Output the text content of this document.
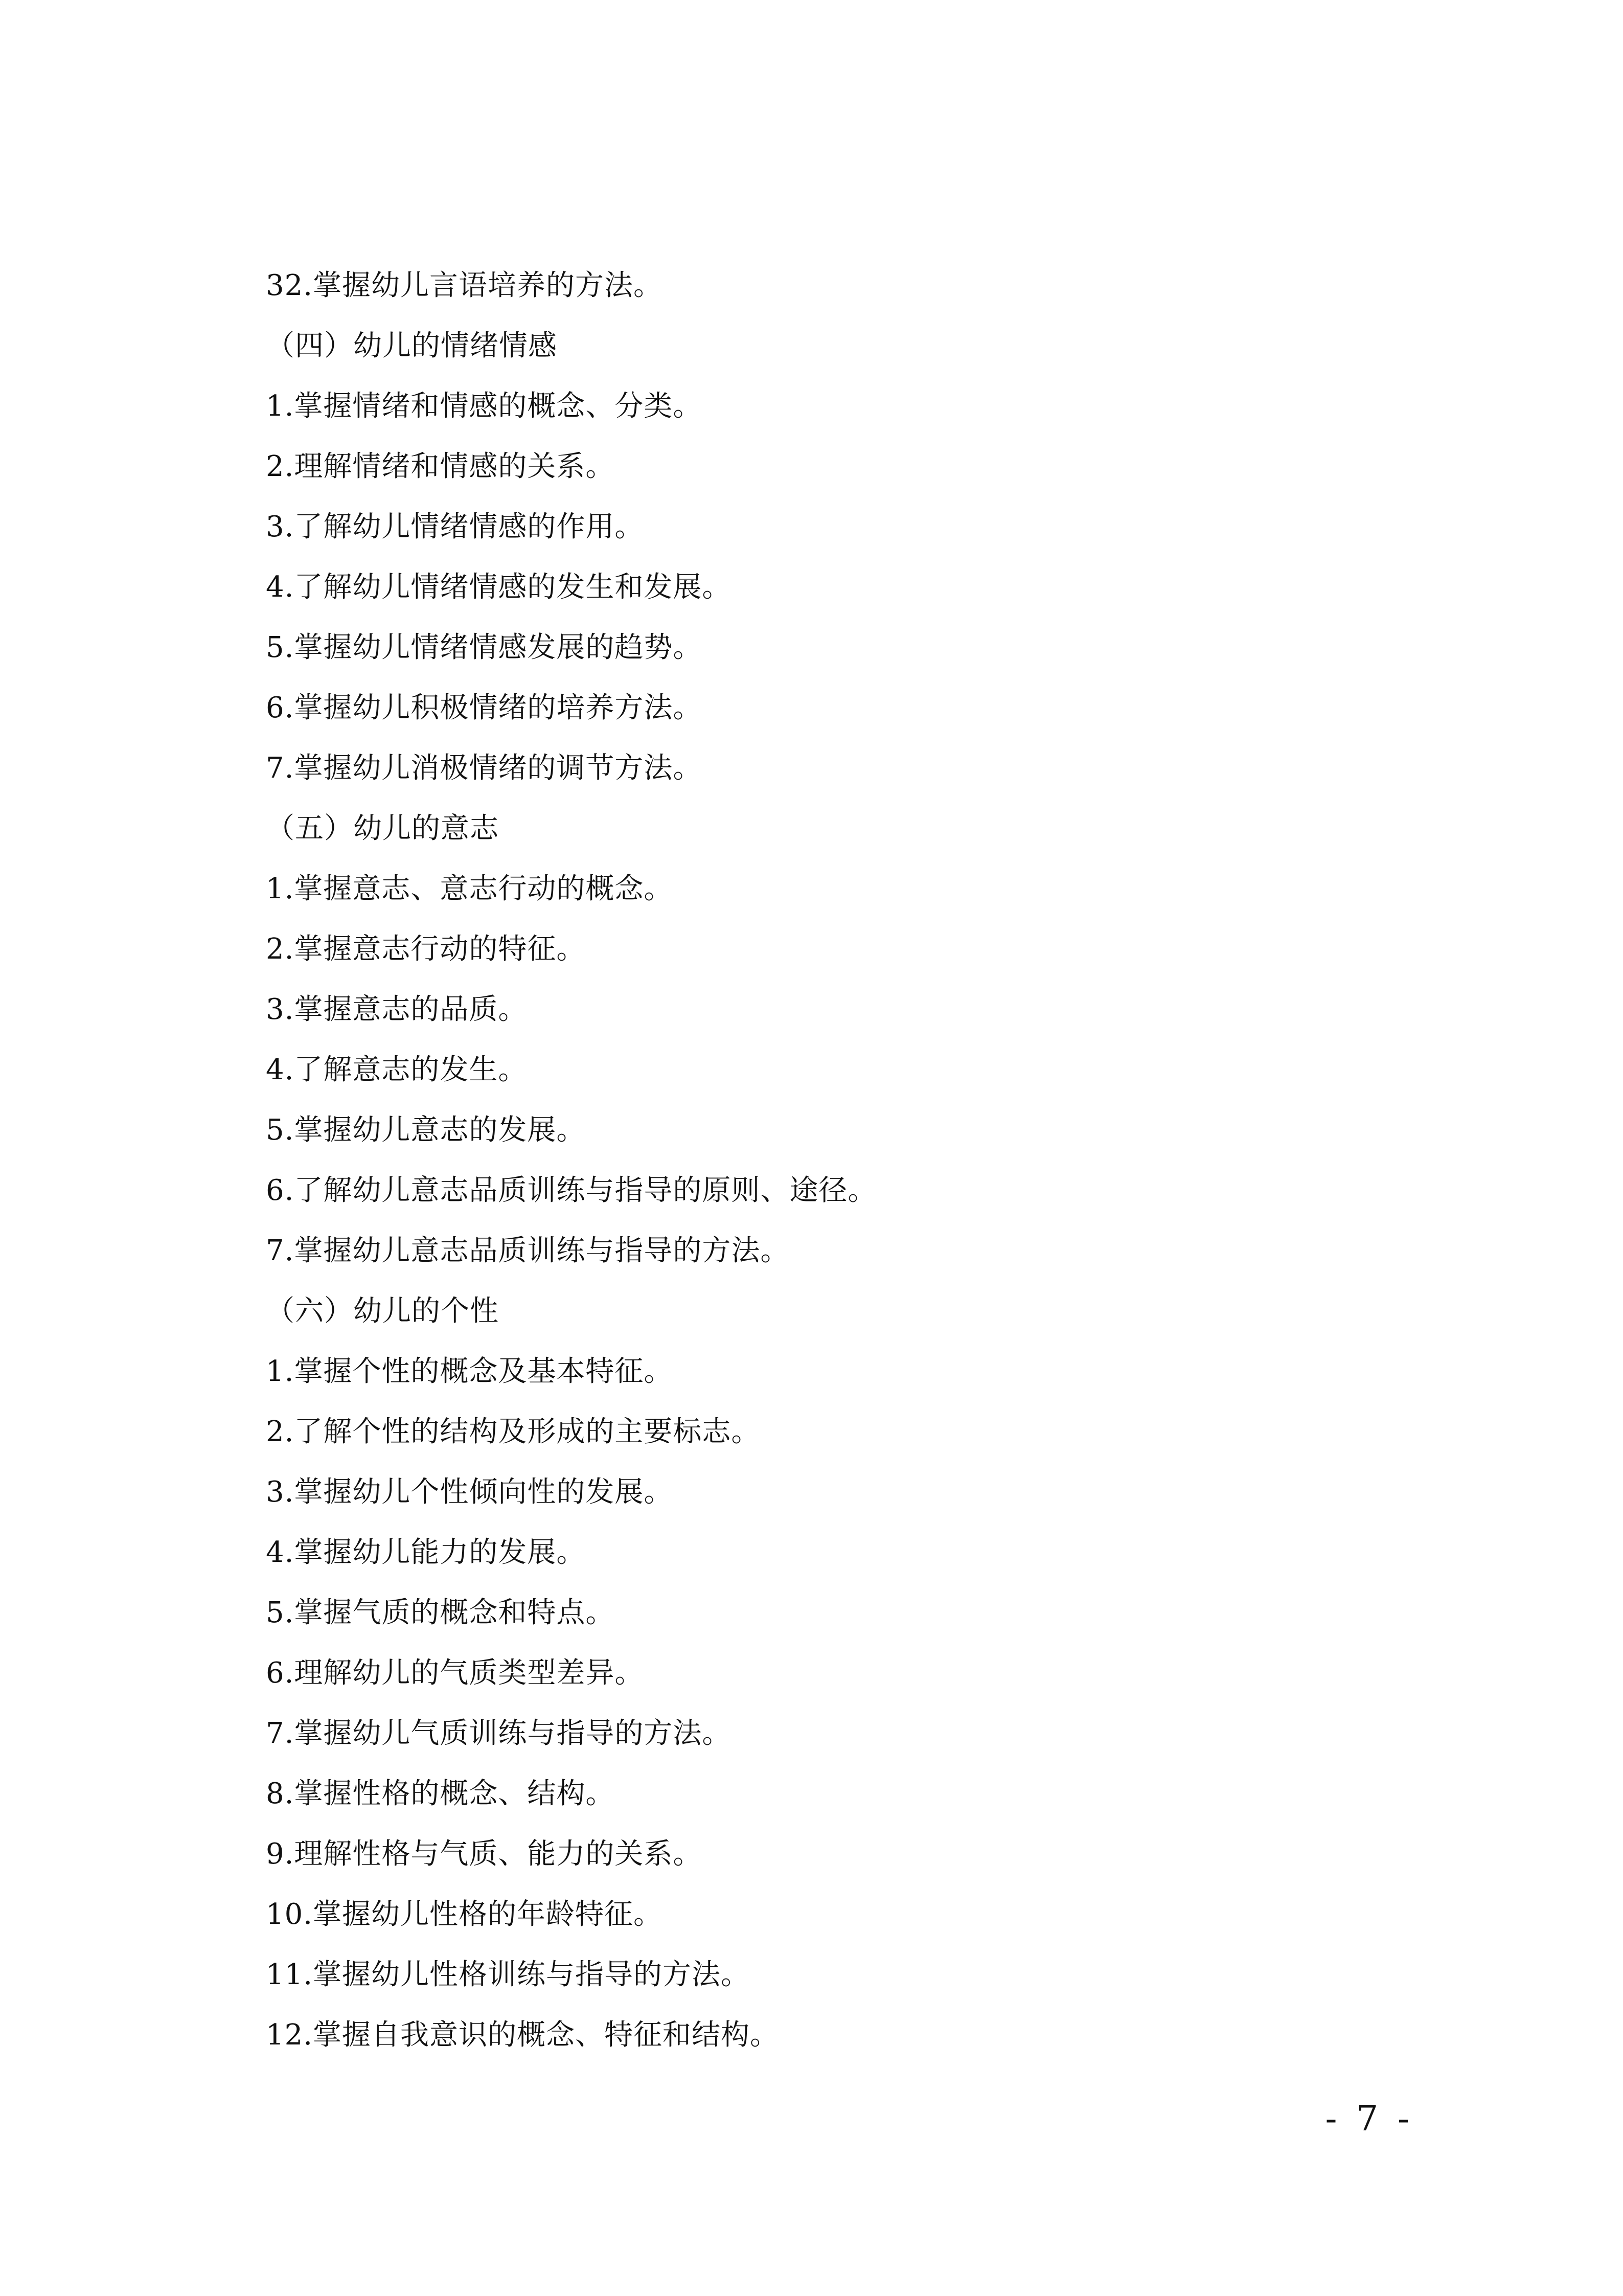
32.掌握幼儿言语培养的方法。
（四）幼儿的情绪情感
1.掌握情绪和情感的概念、分类。
2.理解情绪和情感的关系。
3.了解幼儿情绪情感的作用。
4.了解幼儿情绪情感的发生和发展。
5.掌握幼儿情绪情感发展的趋势。
6.掌握幼儿积极情绪的培养方法。
7.掌握幼儿消极情绪的调节方法。
（五）幼儿的意志
1.掌握意志、意志行动的概念。
2.掌握意志行动的特征。
3.掌握意志的品质。
4.了解意志的发生。
5.掌握幼儿意志的发展。
6.了解幼儿意志品质训练与指导的原则、途径。
7.掌握幼儿意志品质训练与指导的方法。
（六）幼儿的个性
1.掌握个性的概念及基本特征。
2.了解个性的结构及形成的主要标志。
3.掌握幼儿个性倾向性的发展。
4.掌握幼儿能力的发展。
5.掌握气质的概念和特点。
6.理解幼儿的气质类型差异。
7.掌握幼儿气质训练与指导的方法。
8.掌握性格的概念、结构。
9.理解性格与气质、能力的关系。
10.掌握幼儿性格的年龄特征。
11.掌握幼儿性格训练与指导的方法。
12.掌握自我意识的概念、特征和结构。
- 7 -
